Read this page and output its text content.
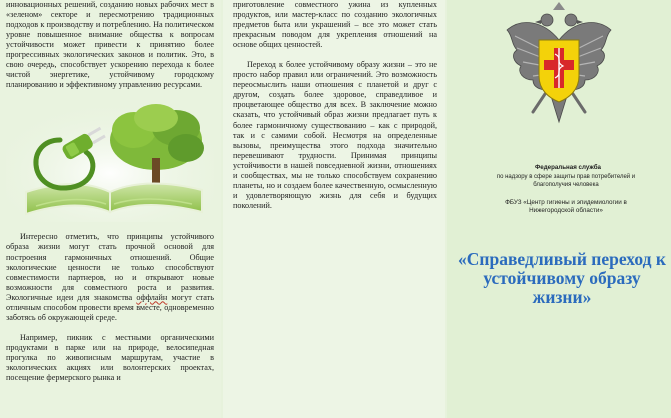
инновационных решений, созданию новых рабочих мест в «зеленом» секторе и пересмотрению традиционных подходов к производству и потреблению. На политическом уровне повышенное внимание общества к вопросам устойчивости может привести к принятию более прогрессивных экологических законов и политик. Это, в свою очередь, способствует ускорению перехода к более чистой энергетике, устойчивому городскому планированию и эффективному управлению ресурсами.

Интересно отметить, что принципы устойчивого образа жизни могут стать прочной основой для построения гармоничных отношений. Общие экологические ценности не только способствуют совместимости партнеров, но и открывают новые возможности для совместного роста и развития. Экологичные идеи для знакомства оффлайн могут стать отличным способом провести время вместе, одновременно заботясь об окружающей среде.

Например, пикник с местными органическими продуктами в парке или на природе, велосипедная прогулка по живописным маршрутам, участие в экологических акциях или волонтерских проектах, посещение фермерского рынка и

приготовление совместного ужина из купленных продуктов, или мастер-класс по созданию экологичных предметов быта или украшений – все это может стать прекрасным поводом для укрепления отношений на основе общих ценностей.

Переход к более устойчивому образу жизни – это не просто набор правил или ограничений. Это возможность переосмыслить наши отношения с планетой и друг с другом, создать более здоровое, справедливое и процветающее общество для всех. В заключение можно сказать, что устойчивый образ жизни предлагает путь к более гармоничному существованию – как с природой, так и с самими собой. Несмотря на определенные вызовы, преимущества этого подхода значительно перевешивают трудности. Принимая принципы устойчивости в нашей повседневной жизни, отношениях и сообществах, мы не только способствуем сохранению планеты, но и создаем более качественную, осмысленную и удовлетворяющую жизнь для себя и будущих поколений.

Федеральная служба
по надзору в сфере защиты прав потребителей и благополучия человека
ФБУЗ «Центр гигиены и эпидемиологии в Нижегородской области»
«Справедливый переход к устойчивому образу жизни»
